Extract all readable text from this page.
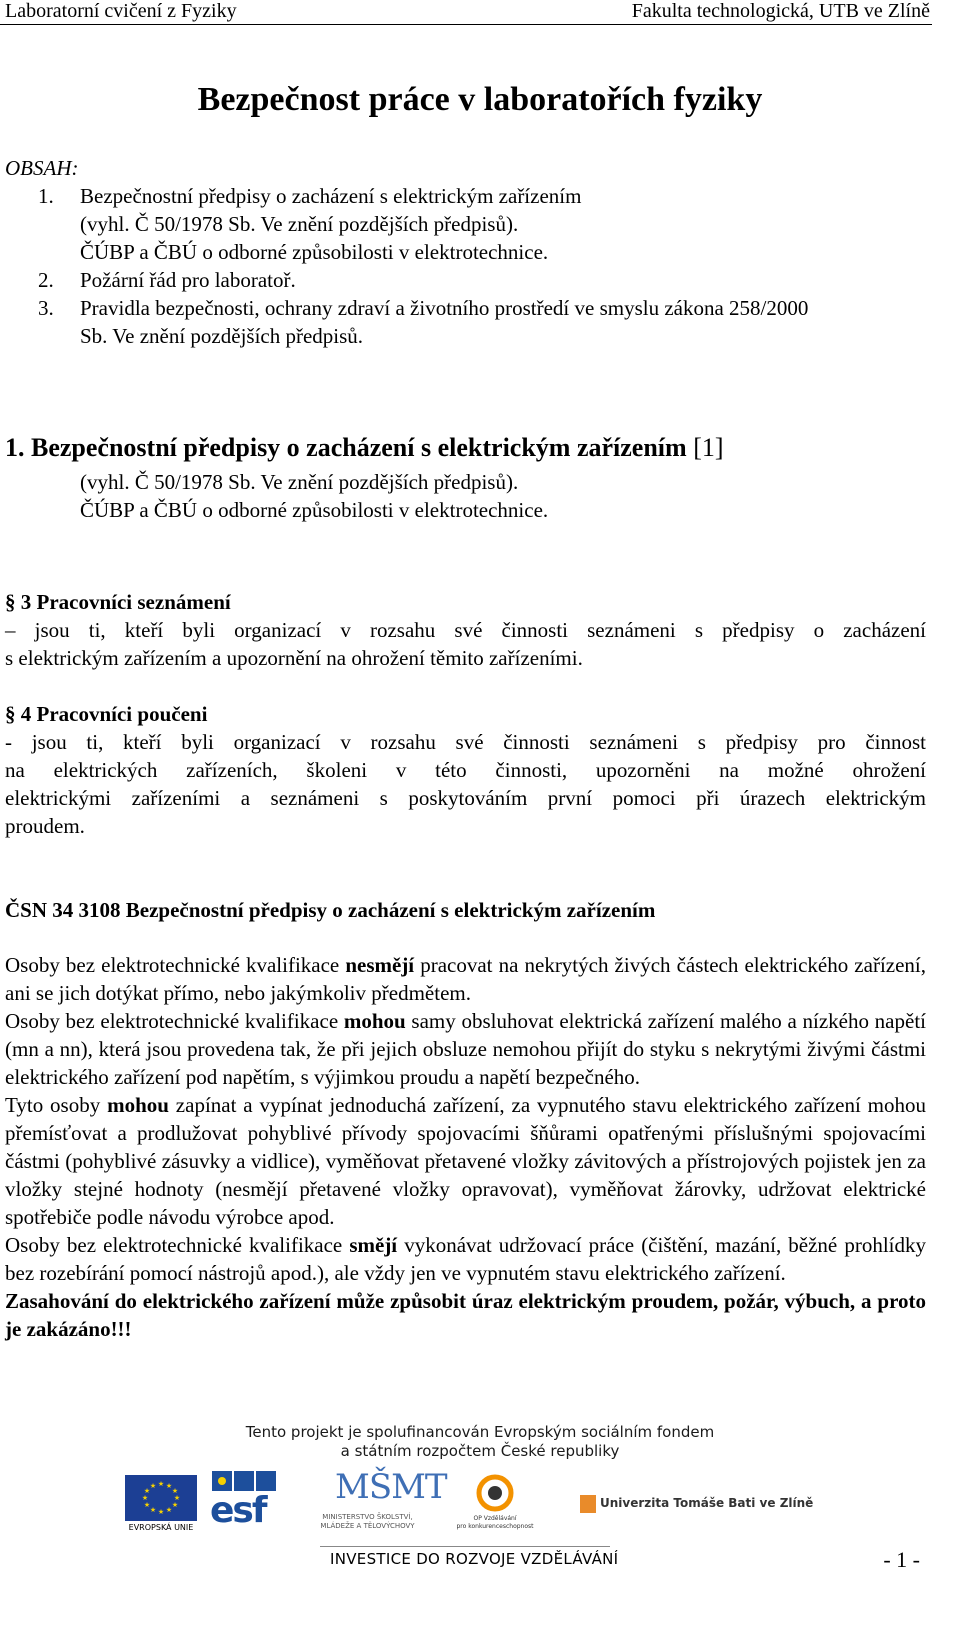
Laboratorní cvičení z Fyziky	Fakulta technologická, UTB ve Zlíně
Bezpečnost práce v laboratořích fyziky
OBSAH:
1. Bezpečnostní předpisy o zacházení s elektrickým zařízením
(vyhl. Č 50/1978 Sb. Ve znění pozdějších předpisů).
ČÚBP a ČBÚ o odborné způsobilosti v elektrotechnice.
2. Požární řád pro laboratoř.
3. Pravidla bezpečnosti, ochrany zdraví a životního prostředí ve smyslu zákona 258/2000
Sb. Ve znění pozdějších předpisů.
1. Bezpečnostní předpisy o zacházení s elektrickým zařízením [1]
(vyhl. Č 50/1978 Sb. Ve znění pozdějších předpisů).
ČÚBP a ČBÚ o odborné způsobilosti v elektrotechnice.
§ 3 Pracovníci seznámení
– jsou ti, kteří byli organizací v rozsahu své činnosti seznámeni s předpisy o zacházení
s elektrickým zařízením a upozornění na ohrožení těmito zařízeními.
§ 4 Pracovníci poučeni
- jsou ti, kteří byli organizací v rozsahu své činnosti seznámeni s předpisy pro činnost
na elektrických zařízeních, školeni v této činnosti, upozorněni na možné ohrožení
elektrickými zařízeními a seznámeni s poskytováním první pomoci při úrazech elektrickým
proudem.
ČSN 34 3108 Bezpečnostní předpisy o zacházení s elektrickým zařízením

Osoby bez elektrotechnické kvalifikace nesmějí pracovat na nekrytých živých částech elektrického zařízení, ani se jich dotýkat přímo, nebo jakýmkoliv předmětem.

Osoby bez elektrotechnické kvalifikace mohou samy obsluhovat elektrická zařízení malého a nízkého napětí (mn a nn), která jsou provedena tak, že při jejich obsluze nemohou přijít do styku s nekrytými živými částmi elektrického zařízení pod napětím, s výjimkou proudu a napětí bezpečného.

Tyto osoby mohou zapínat a vypínat jednoduchá zařízení, za vypnutého stavu elektrického zařízení mohou přemísťovat a prodlužovat pohyblivé přívody spojovacími šňůrami opatřenými příslušnými spojovacími částmi (pohyblivé zásuvky a vidlice), vyměňovat přetavené vložky závitových a přístrojových pojistek jen za vložky stejné hodnoty (nesmějí přetavené vložky opravovat), vyměňovat žárovky, udržovat elektrické spotřebiče podle návodu výrobce apod.

Osoby bez elektrotechnické kvalifikace smějí vykonávat udržovací práce (čištění, mazání, běžné prohlídky bez rozebírání pomocí nástrojů apod.), ale vždy jen ve vypnutém stavu elektrického zařízení.

Zasahování do elektrického zařízení může způsobit úraz elektrickým proudem, požár, výbuch, a proto je zakázáno!!!

Tento projekt je spolufinancován Evropským sociálním fondem
a státním rozpočtem České republiky
★ ★
★
★
★
★
★
★
★
★
★
★
EVROPSKÁ UNIE esf
MŠMT
MINISTERSTVO ŠKOLSTVÍ,
MLÁDEŽE A TĚLOVÝCHOVY
OP Vzdělávání
pro konkurenceschopnost
Univerzita Tomáše Bati ve Zlíně
INVESTICE DO ROZVOJE VZDĚLÁVÁNÍ	- 1 -
